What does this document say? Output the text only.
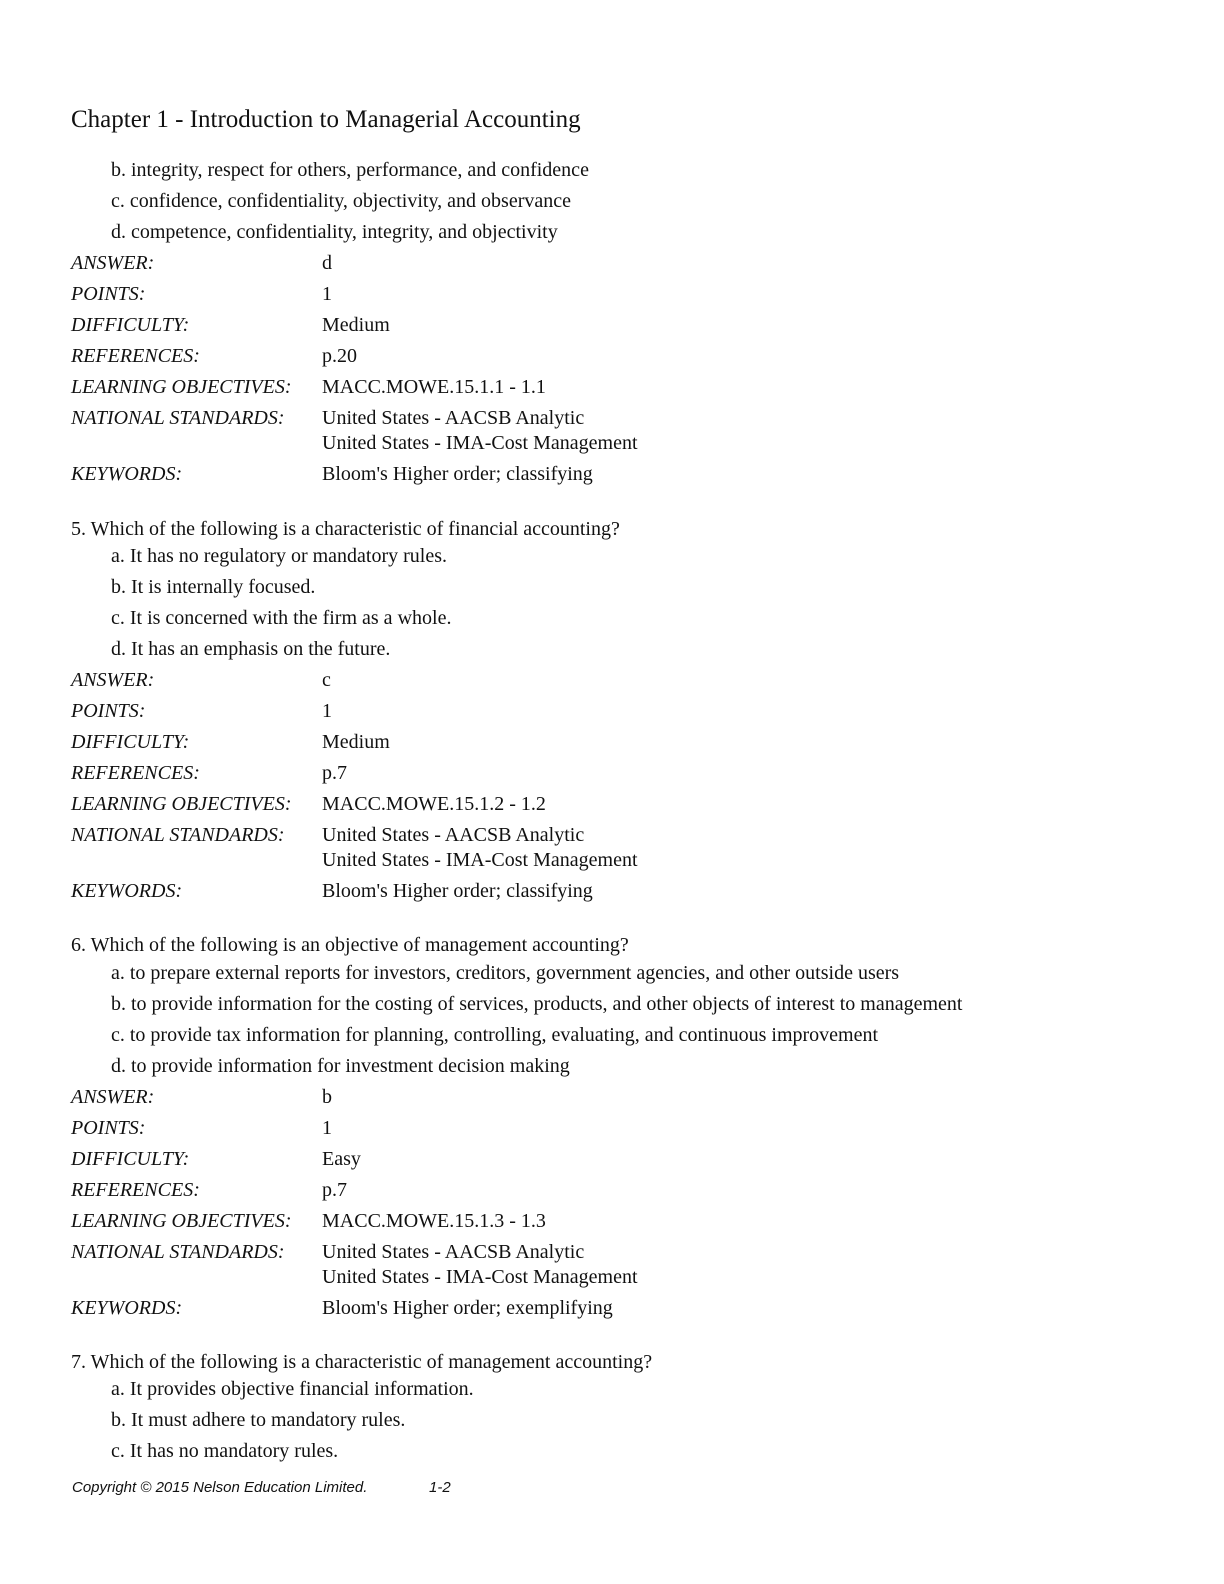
Chapter 1 - Introduction to Managerial Accounting
b. integrity, respect for others, performance, and confidence
c. confidence, confidentiality, objectivity, and observance
d. competence, confidentiality, integrity, and objectivity
ANSWER:	d
POINTS:	1
DIFFICULTY:	Medium
REFERENCES:	p.20
LEARNING OBJECTIVES: MACC.MOWE.15.1.1 - 1.1
NATIONAL STANDARDS: United States - AACSB Analytic
United States - IMA-Cost Management
KEYWORDS:	Bloom's Higher order; classifying
5. Which of the following is a characteristic of financial accounting?
a. It has no regulatory or mandatory rules.
b. It is internally focused.
c. It is concerned with the firm as a whole.
d. It has an emphasis on the future.
ANSWER:	c
POINTS:	1
DIFFICULTY:	Medium
REFERENCES:	p.7
LEARNING OBJECTIVES: MACC.MOWE.15.1.2 - 1.2
NATIONAL STANDARDS: United States - AACSB Analytic
United States - IMA-Cost Management
KEYWORDS:	Bloom's Higher order; classifying
6. Which of the following is an objective of management accounting?
a. to prepare external reports for investors, creditors, government agencies, and other outside users
b. to provide information for the costing of services, products, and other objects of interest to management
c. to provide tax information for planning, controlling, evaluating, and continuous improvement
d. to provide information for investment decision making
ANSWER:	b
POINTS:	1
DIFFICULTY:	Easy
REFERENCES:	p.7
LEARNING OBJECTIVES: MACC.MOWE.15.1.3 - 1.3
NATIONAL STANDARDS: United States - AACSB Analytic
United States - IMA-Cost Management
KEYWORDS:	Bloom's Higher order; exemplifying
7. Which of the following is a characteristic of management accounting?
a. It provides objective financial information.
b. It must adhere to mandatory rules.
c. It has no mandatory rules.
Copyright © 2015 Nelson Education Limited.	1-2
